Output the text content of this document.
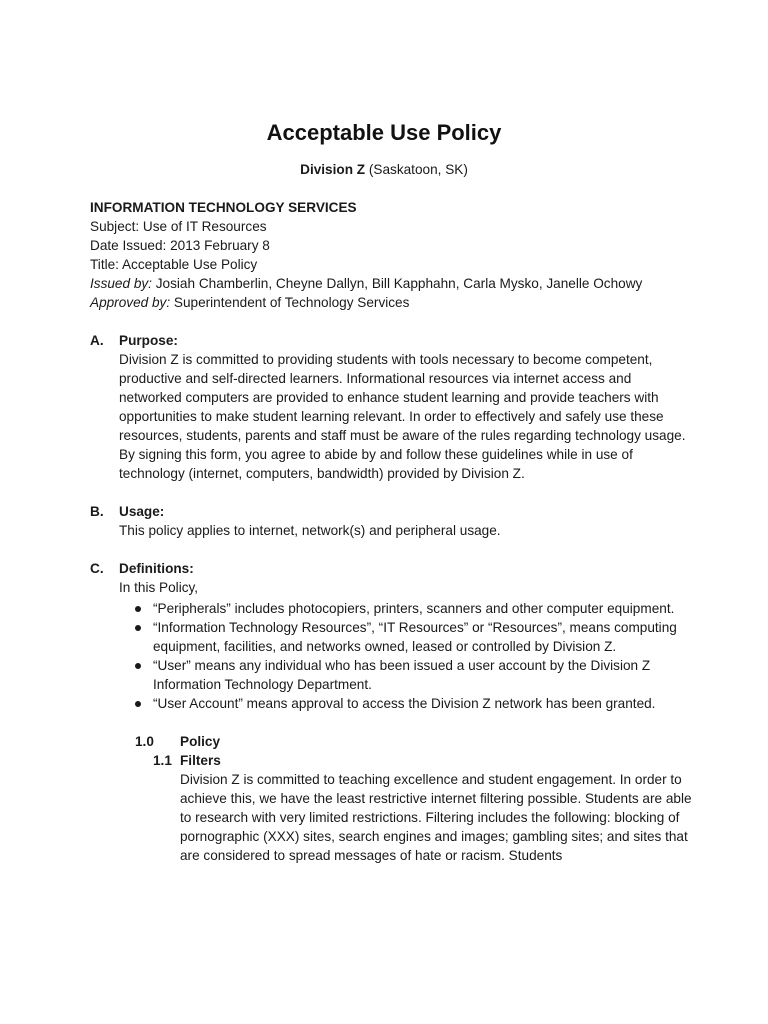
Acceptable Use Policy
Division Z (Saskatoon, SK)

INFORMATION TECHNOLOGY SERVICES

Subject: Use of IT Resources

Date Issued: 2013 February 8

Title: Acceptable Use Policy

Issued by: Josiah Chamberlin, Cheyne Dallyn, Bill Kapphahn, Carla Mysko, Janelle Ochowy

Approved by: Superintendent of Technology Services

A.	Purpose:
Division Z is committed to providing students with tools necessary to become competent, productive and self-directed learners. Informational resources via internet access and networked computers are provided to enhance student learning and provide teachers with opportunities to make student learning relevant. In order to effectively and safely use these resources, students, parents and staff must be aware of the rules regarding technology usage. By signing this form, you agree to abide by and follow these guidelines while in use of technology (internet, computers, bandwidth) provided by Division Z.
B.	Usage:
This policy applies to internet, network(s) and peripheral usage.
C.	Definitions:
In this Policy,
“Peripherals” includes photocopiers, printers, scanners and other computer equipment.
“Information Technology Resources”, “IT Resources” or “Resources”, means computing equipment, facilities, and networks owned, leased or controlled by Division Z.
“User” means any individual who has been issued a user account by the Division Z Information Technology Department.
“User Account” means approval to access the Division Z network has been granted.
1.0	Policy
1.1 Filters
Division Z is committed to teaching excellence and student engagement. In order to achieve this, we have the least restrictive internet filtering possible. Students are able to research with very limited restrictions. Filtering includes the following: blocking of pornographic (XXX) sites, search engines and images; gambling sites; and sites that are considered to spread messages of hate or racism. Students
